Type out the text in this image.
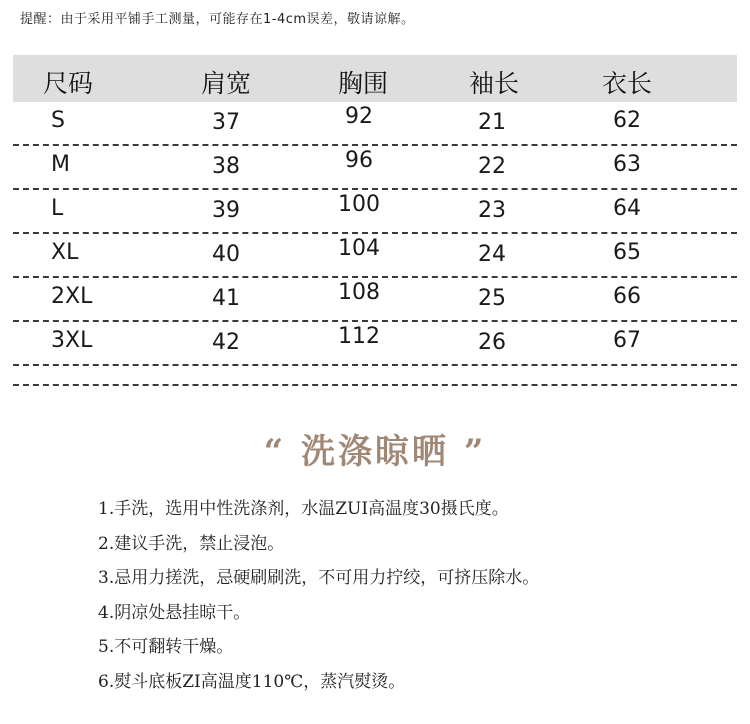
提醒：由于采用平铺手工测量，可能存在1-4cm误差，敬请谅解。
尺码	肩宽	胸围	袖长	衣长
S	37	92	21	62
M	38	96	22	63
L	39	100	23	64
XL	40	104	24	65
2XL	41	108	25	66
3XL	42	112	26	67
“ 洗涤晾晒 ”
1.手洗，选用中性洗涤剂，水温ZUI高温度30摄氏度。
2.建议手洗，禁止浸泡。
3.忌用力搓洗，忌硬刷刷洗，不可用力拧绞，可挤压除水。
4.阴凉处悬挂晾干。
5.不可翻转干燥。
6.熨斗底板ZI高温度110℃，蒸汽熨烫。
